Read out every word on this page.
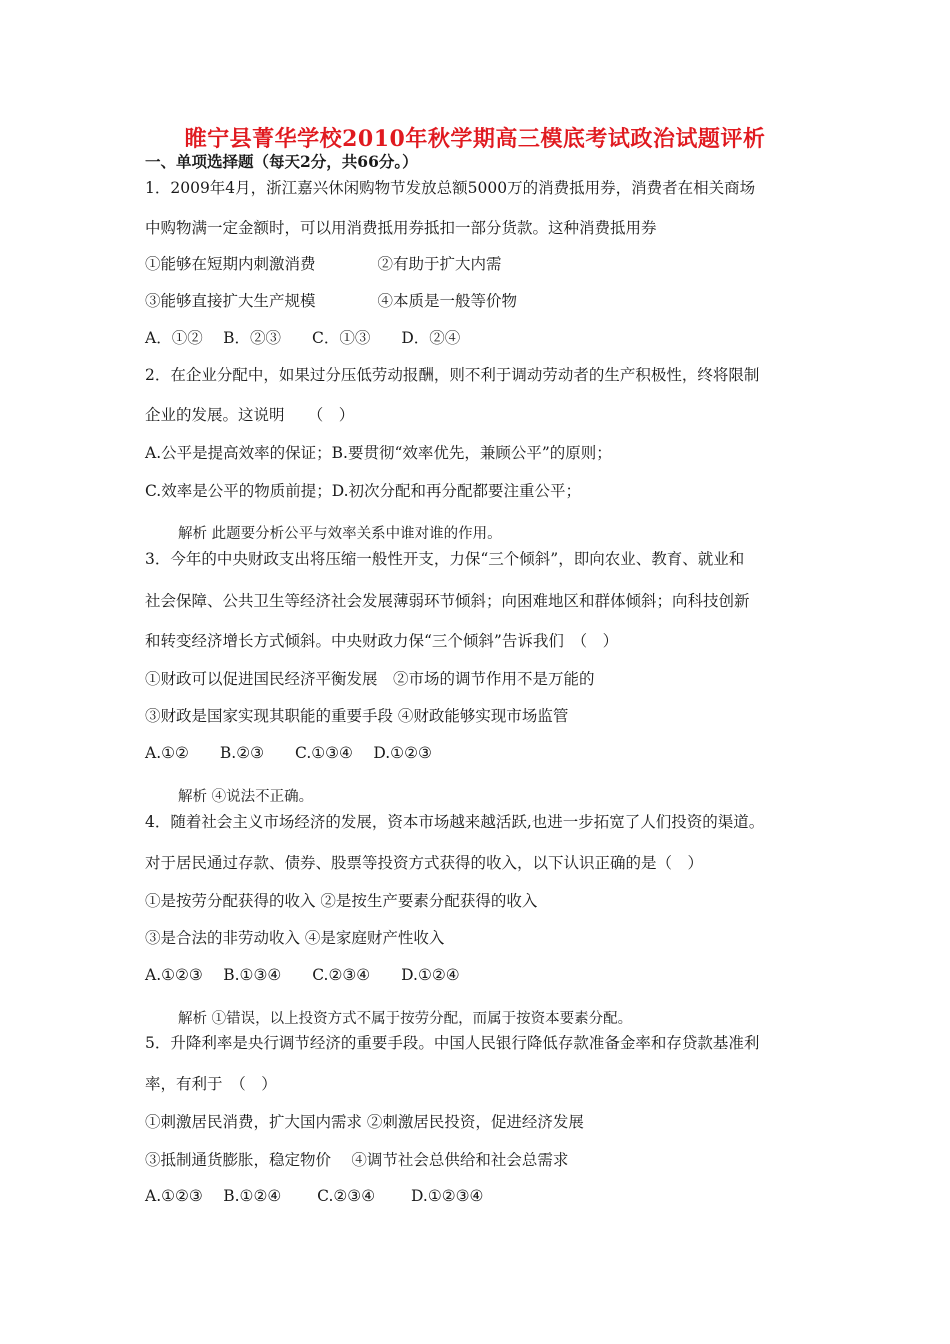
睢宁县菁华学校2010年秋学期高三模底考试政治试题评析
一、单项选择题（每天2分，共66分。）
1．2009年4月，浙江嘉兴休闲购物节发放总额5000万的消费抵用券，消费者在相关商场
中购物满一定金额时，可以用消费抵用券抵扣一部分货款。这种消费抵用券
①能够在短期内刺激消费　　　　②有助于扩大内需
③能够直接扩大生产规模　　　　④本质是一般等价物
A．①②　 B．②③　　C．①③　　D．②④
2．在企业分配中，如果过分压低劳动报酬，则不利于调动劳动者的生产积极性，终将限制
企业的发展。这说明　　（　）
A.公平是提高效率的保证；B.要贯彻“效率优先，兼顾公平”的原则；
C.效率是公平的物质前提；D.初次分配和再分配都要注重公平；
解析 此题要分析公平与效率关系中谁对谁的作用。
3．今年的中央财政支出将压缩一般性开支，力保“三个倾斜”，即向农业、教育、就业和
社会保障、公共卫生等经济社会发展薄弱环节倾斜；向困难地区和群体倾斜；向科技创新
和转变经济增长方式倾斜。中央财政力保“三个倾斜”告诉我们　（　）
①财政可以促进国民经济平衡发展　②市场的调节作用不是万能的
③财政是国家实现其职能的重要手段 ④财政能够实现市场监管
A.①②　　B.②③　　C.①③④　 D.①②③
解析 ④说法不正确。
4．随着社会主义市场经济的发展，资本市场越来越活跃,也进一步拓宽了人们投资的渠道。
对于居民通过存款、债券、股票等投资方式获得的收入，以下认识正确的是（　）
①是按劳分配获得的收入 ②是按生产要素分配获得的收入
③是合法的非劳动收入 ④是家庭财产性收入
A.①②③　 B.①③④　　C.②③④　　D.①②④
解析 ①错误，以上投资方式不属于按劳分配，而属于按资本要素分配。
5．升降利率是央行调节经济的重要手段。中国人民银行降低存款准备金率和存贷款基准利
率，有利于　（　）
①刺激居民消费，扩大国内需求 ②刺激居民投资，促进经济发展
③抵制通货膨胀，稳定物价　 ④调节社会总供给和社会总需求
A.①②③　 B.①②④　　 C.②③④　　 D.①②③④
